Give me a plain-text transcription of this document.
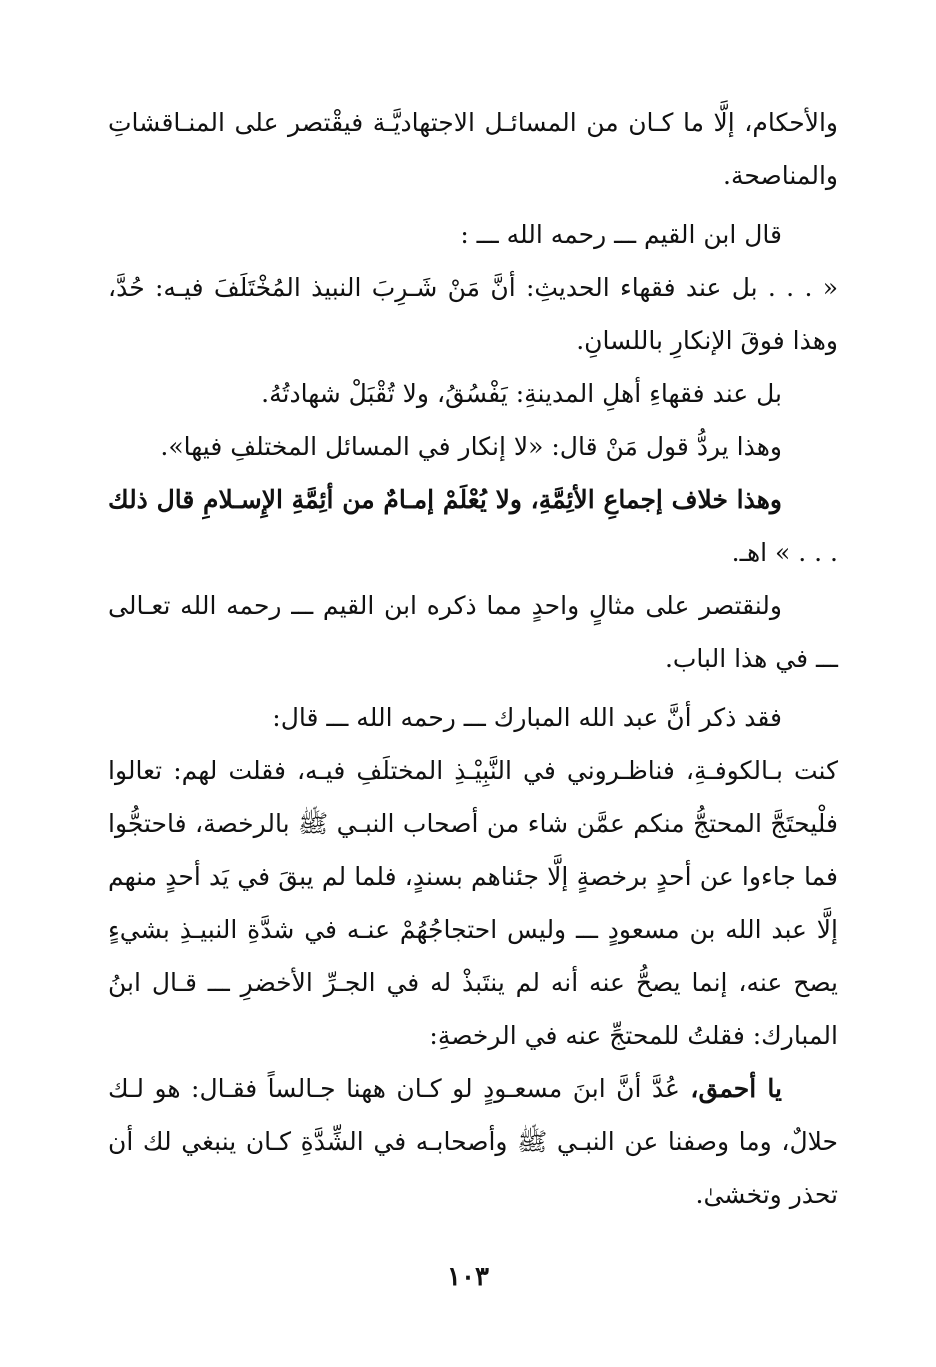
والأحكام، إلَّا ما كـان من المسائـل الاجتهاديَّـة فيقْتصر على المنـاقشاتِ والمناصحة.

قال ابن القيم ـــ رحمه الله ـــ :

« . . . بل عند فقهاء الحديثِ: أنَّ مَنْ شَـرِبَ النبيذ المُخْتَلَفَ فيـه: حُدَّ، وهذا فوقَ الإنكارِ باللسانِ.

بل عند فقهاءِ أهلِ المدينةِ: يَفْسُقُ، ولا تُقْبَلْ شهادتُهُ.

وهذا يردُّ قول مَنْ قال: «لا إنكار في المسائل المختلفِ فيها».

وهذا خلاف إجماعِ الأئِمَّةِ، ولا يُعْلَمْ إمـامٌ من أئِمَّةِ الإِسـلامِ قال ذلك . . . » اهـ.

ولنقتصر على مثالٍ واحدٍ مما ذكره ابن القيم ـــ رحمه الله تعـالى ـــ في هذا الباب.

فقد ذكر أنَّ عبد الله المبارك ـــ رحمه الله ـــ قال:

كنت بـالكوفـةِ، فناظـروني في النَّبِيْـذِ المختلَفِ فيـه، فقلت لهم: تعالوا فلْيحتَجَّ المحتجُّ منكم عمَّن شاء من أصحاب النبـي ﷺ بالرخصة، فاحتجُّوا فما جاءوا عن أحدٍ برخصةٍ إلَّا جئناهم بسندٍ، فلما لم يبقَ في يَد أحدٍ منهم إلَّا عبد الله بن مسعودٍ ـــ وليس احتجاجُهُمْ عنـه في شدَّةِ النبيـذِ بشيءٍ يصح عنه، إنما يصحُّ عنه أنه لم ينتَبذْ له في الجـرِّ الأخضرِ ـــ قـال ابنُ المبارك: فقلتُ للمحتجِّ عنه في الرخصةِ:

يا أحمق، عُدَّ أنَّ ابنَ مسعـودٍ لو كـان ههنا جـالساً فقـال: هو لـك حلالٌ، وما وصفنا عن النبـي ﷺ وأصحابـه في الشِّدَّةِ كـان ينبغي لك أن تحذر وتخشىٰ.

١٠٣
